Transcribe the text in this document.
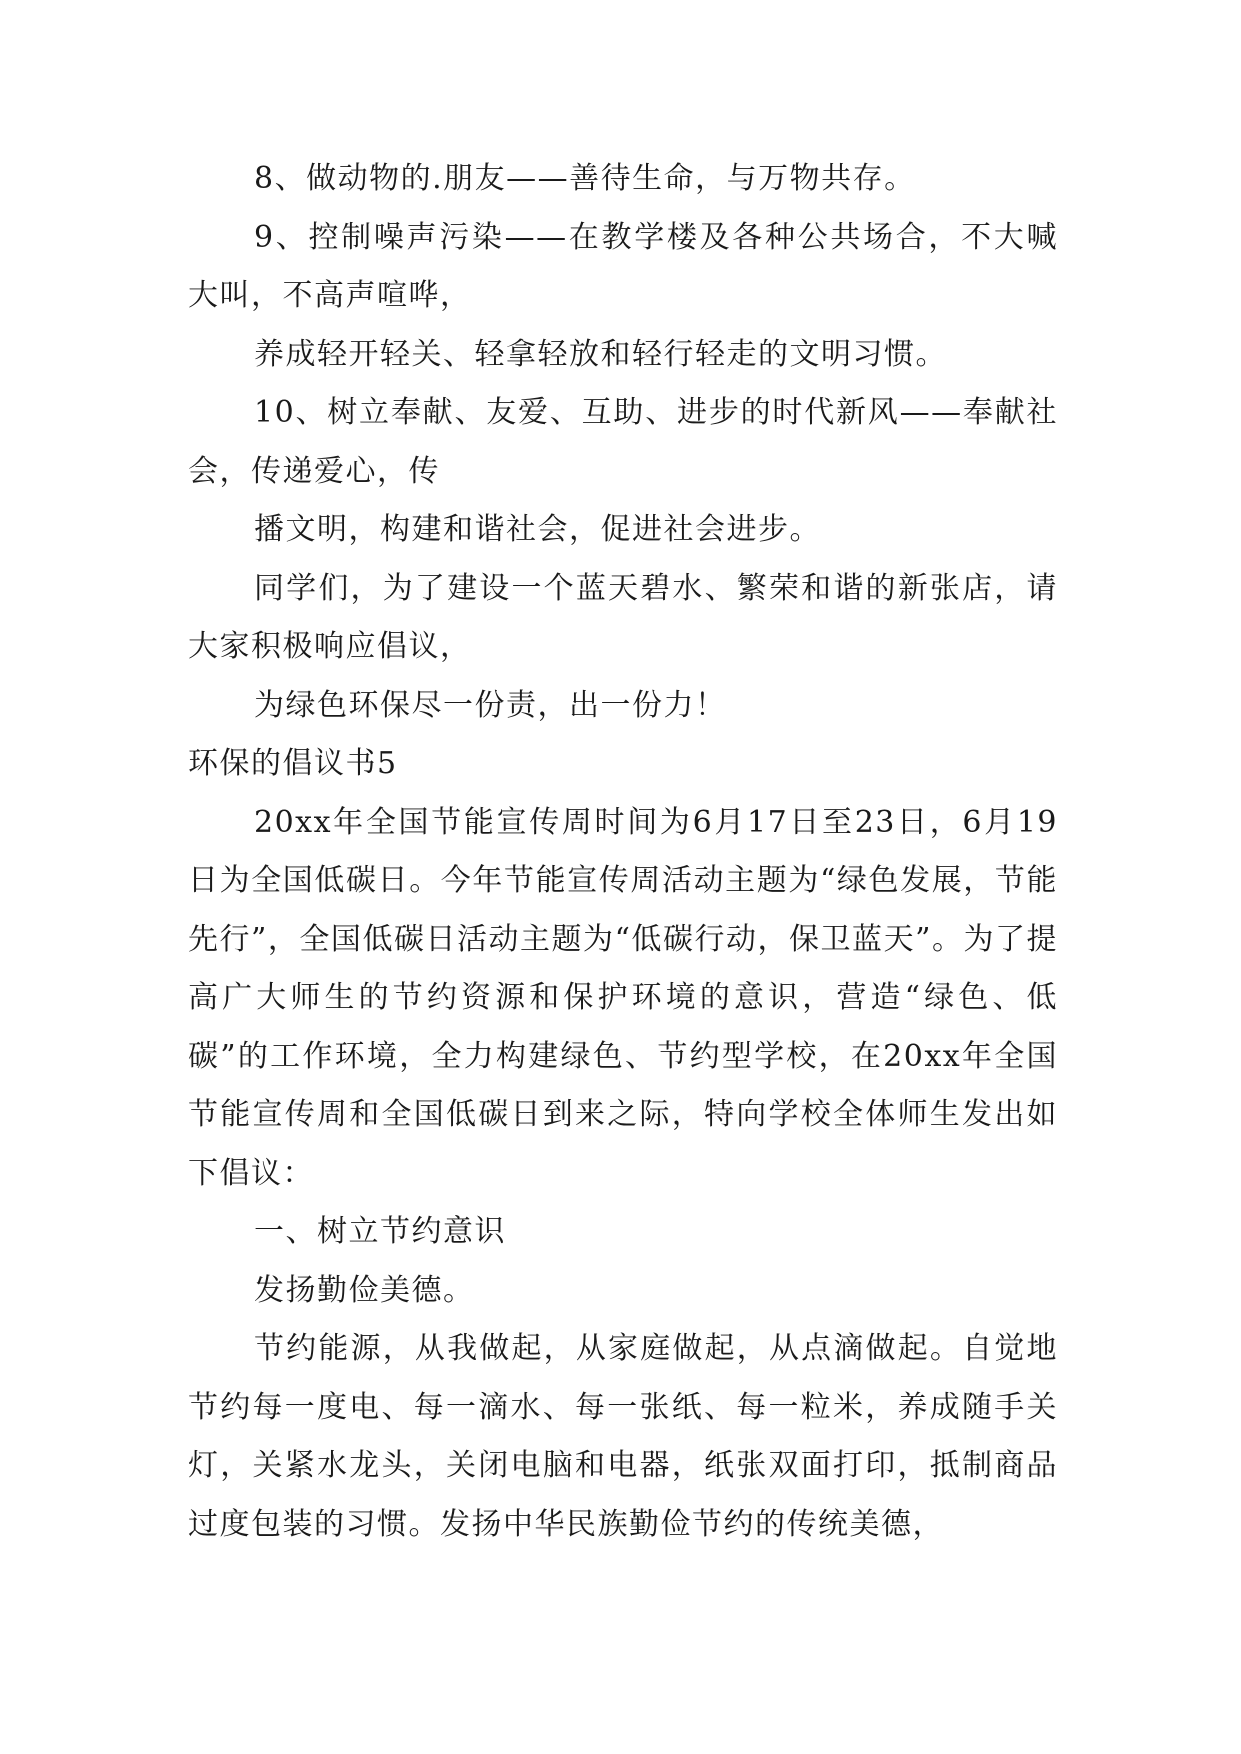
8、做动物的.朋友——善待生命，与万物共存。

9、控制噪声污染——在教学楼及各种公共场合，不大喊大叫，不高声喧哗，

养成轻开轻关、轻拿轻放和轻行轻走的文明习惯。

10、树立奉献、友爱、互助、进步的时代新风——奉献社会，传递爱心，传

播文明，构建和谐社会，促进社会进步。

同学们，为了建设一个蓝天碧水、繁荣和谐的新张店，请大家积极响应倡议，

为绿色环保尽一份责，出一份力！

环保的倡议书5

20xx年全国节能宣传周时间为6月17日至23日，6月19日为全国低碳日。今年节能宣传周活动主题为“绿色发展，节能先行”，全国低碳日活动主题为“低碳行动，保卫蓝天”。为了提高广大师生的节约资源和保护环境的意识，营造“绿色、低碳”的工作环境，全力构建绿色、节约型学校，在20xx年全国节能宣传周和全国低碳日到来之际，特向学校全体师生发出如下倡议：

一、树立节约意识

发扬勤俭美德。

节约能源，从我做起，从家庭做起，从点滴做起。自觉地节约每一度电、每一滴水、每一张纸、每一粒米，养成随手关灯，关紧水龙头，关闭电脑和电器，纸张双面打印，抵制商品过度包装的习惯。发扬中华民族勤俭节约的传统美德，
